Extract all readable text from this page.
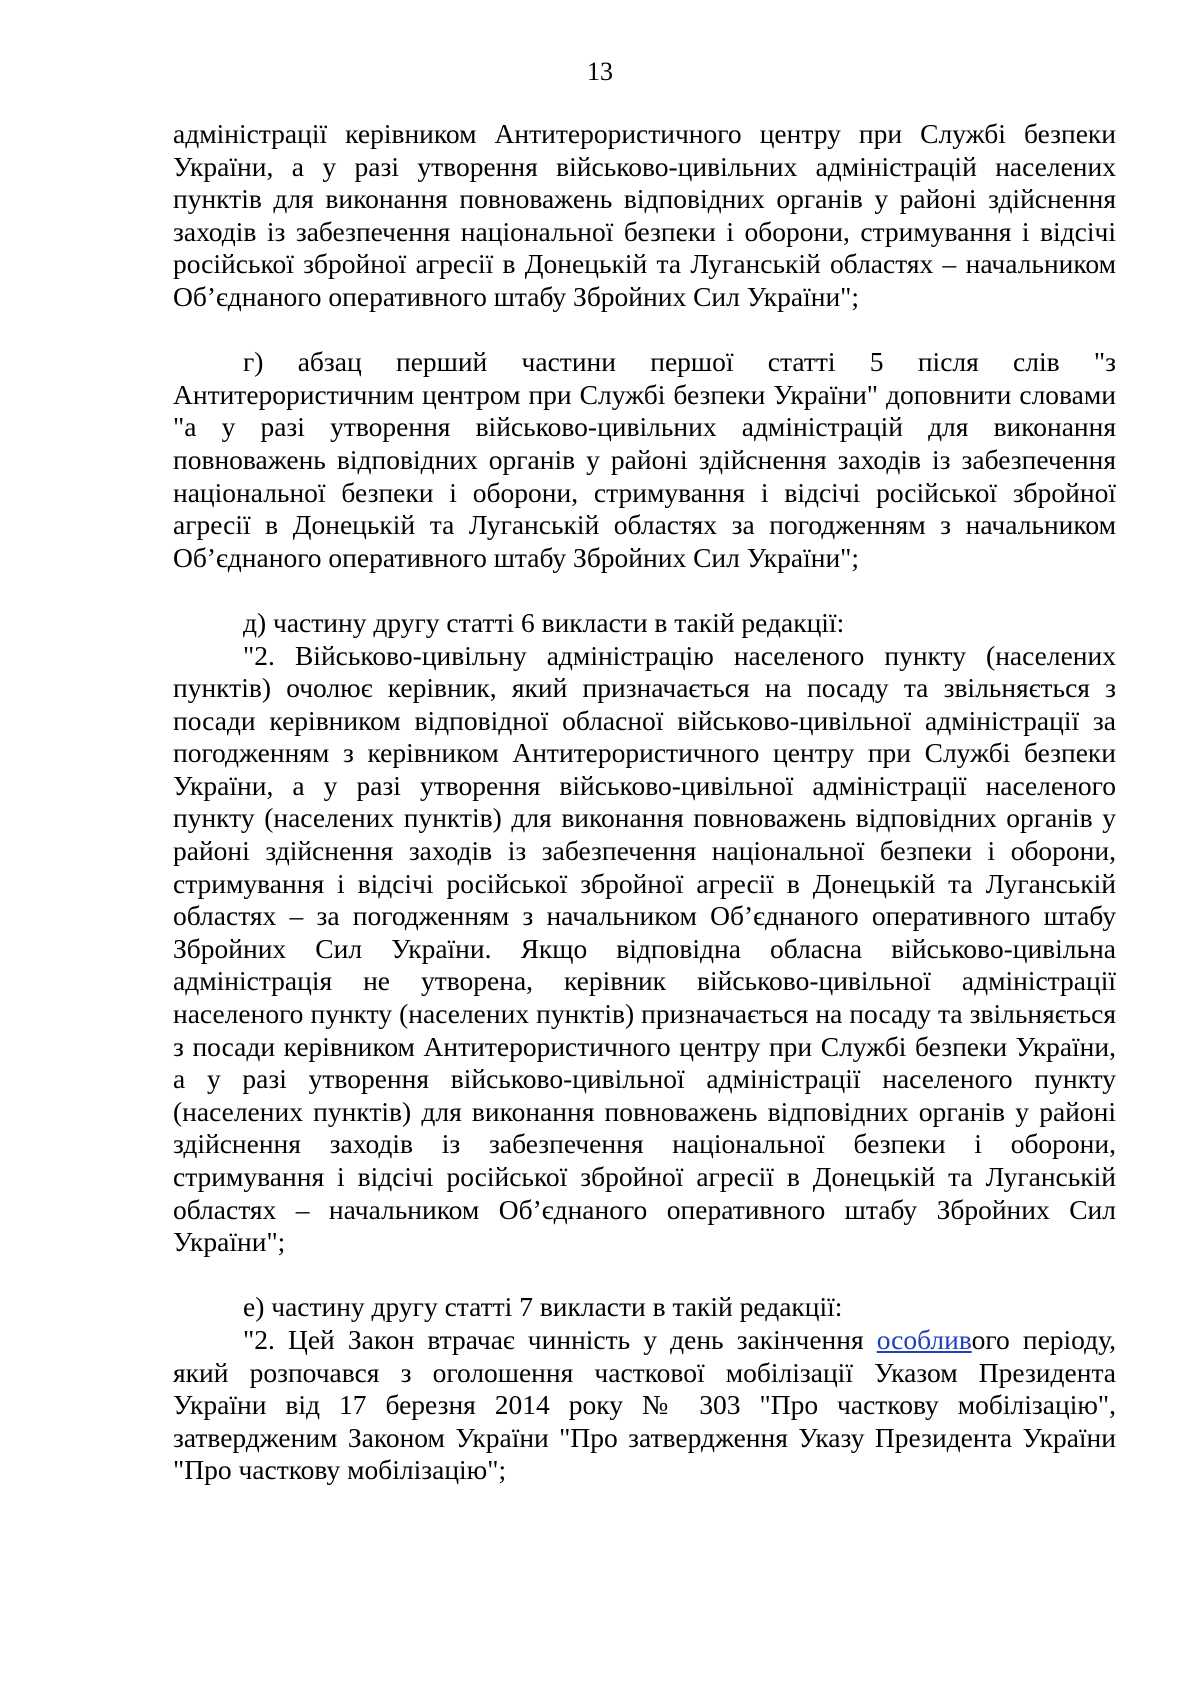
13

адміністрації керівником Антитерористичного центру при Службі безпеки України, а у разі утворення військово-цивільних адміністрацій населених пунктів для виконання повноважень відповідних органів у районі здійснення заходів із забезпечення національної безпеки і оборони, стримування і відсічі російської збройної агресії в Донецькій та Луганській областях – начальником Об’єднаного оперативного штабу Збройних Сил України";

г) абзац перший частини першої статті 5 після слів "з Антитерористичним центром при Службі безпеки України" доповнити словами "а у разі утворення військово-цивільних адміністрацій для виконання повноважень відповідних органів у районі здійснення заходів із забезпечення національної безпеки і оборони, стримування і відсічі російської збройної агресії в Донецькій та Луганській областях за погодженням з начальником Об’єднаного оперативного штабу Збройних Сил України";

д) частину другу статті 6 викласти в такій редакції:

"2. Військово-цивільну адміністрацію населеного пункту (населених пунктів) очолює керівник, який призначається на посаду та звільняється з посади керівником відповідної обласної військово-цивільної адміністрації за погодженням з керівником Антитерористичного центру при Службі безпеки України, а у разі утворення військово-цивільної адміністрації населеного пункту (населених пунктів) для виконання повноважень відповідних органів у районі здійснення заходів із забезпечення національної безпеки і оборони, стримування і відсічі російської збройної агресії в Донецькій та Луганській областях – за погодженням з начальником Об’єднаного оперативного штабу Збройних Сил України. Якщо відповідна обласна військово-цивільна адміністрація не утворена, керівник військово-цивільної адміністрації населеного пункту (населених пунктів) призначається на посаду та звільняється з посади керівником Антитерористичного центру при Службі безпеки України, а у разі утворення військово-цивільної адміністрації населеного пункту (населених пунктів) для виконання повноважень відповідних органів у районі здійснення заходів із забезпечення національної безпеки і оборони, стримування і відсічі російської збройної агресії в Донецькій та Луганській областях – начальником Об’єднаного оперативного штабу Збройних Сил України";

е) частину другу статті 7 викласти в такій редакції:

"2. Цей Закон втрачає чинність у день закінчення особливого періоду, який розпочався з оголошення часткової мобілізації Указом Президента України від 17 березня 2014 року № 303 "Про часткову мобілізацію", затвердженим Законом України "Про затвердження Указу Президента України "Про часткову мобілізацію";
